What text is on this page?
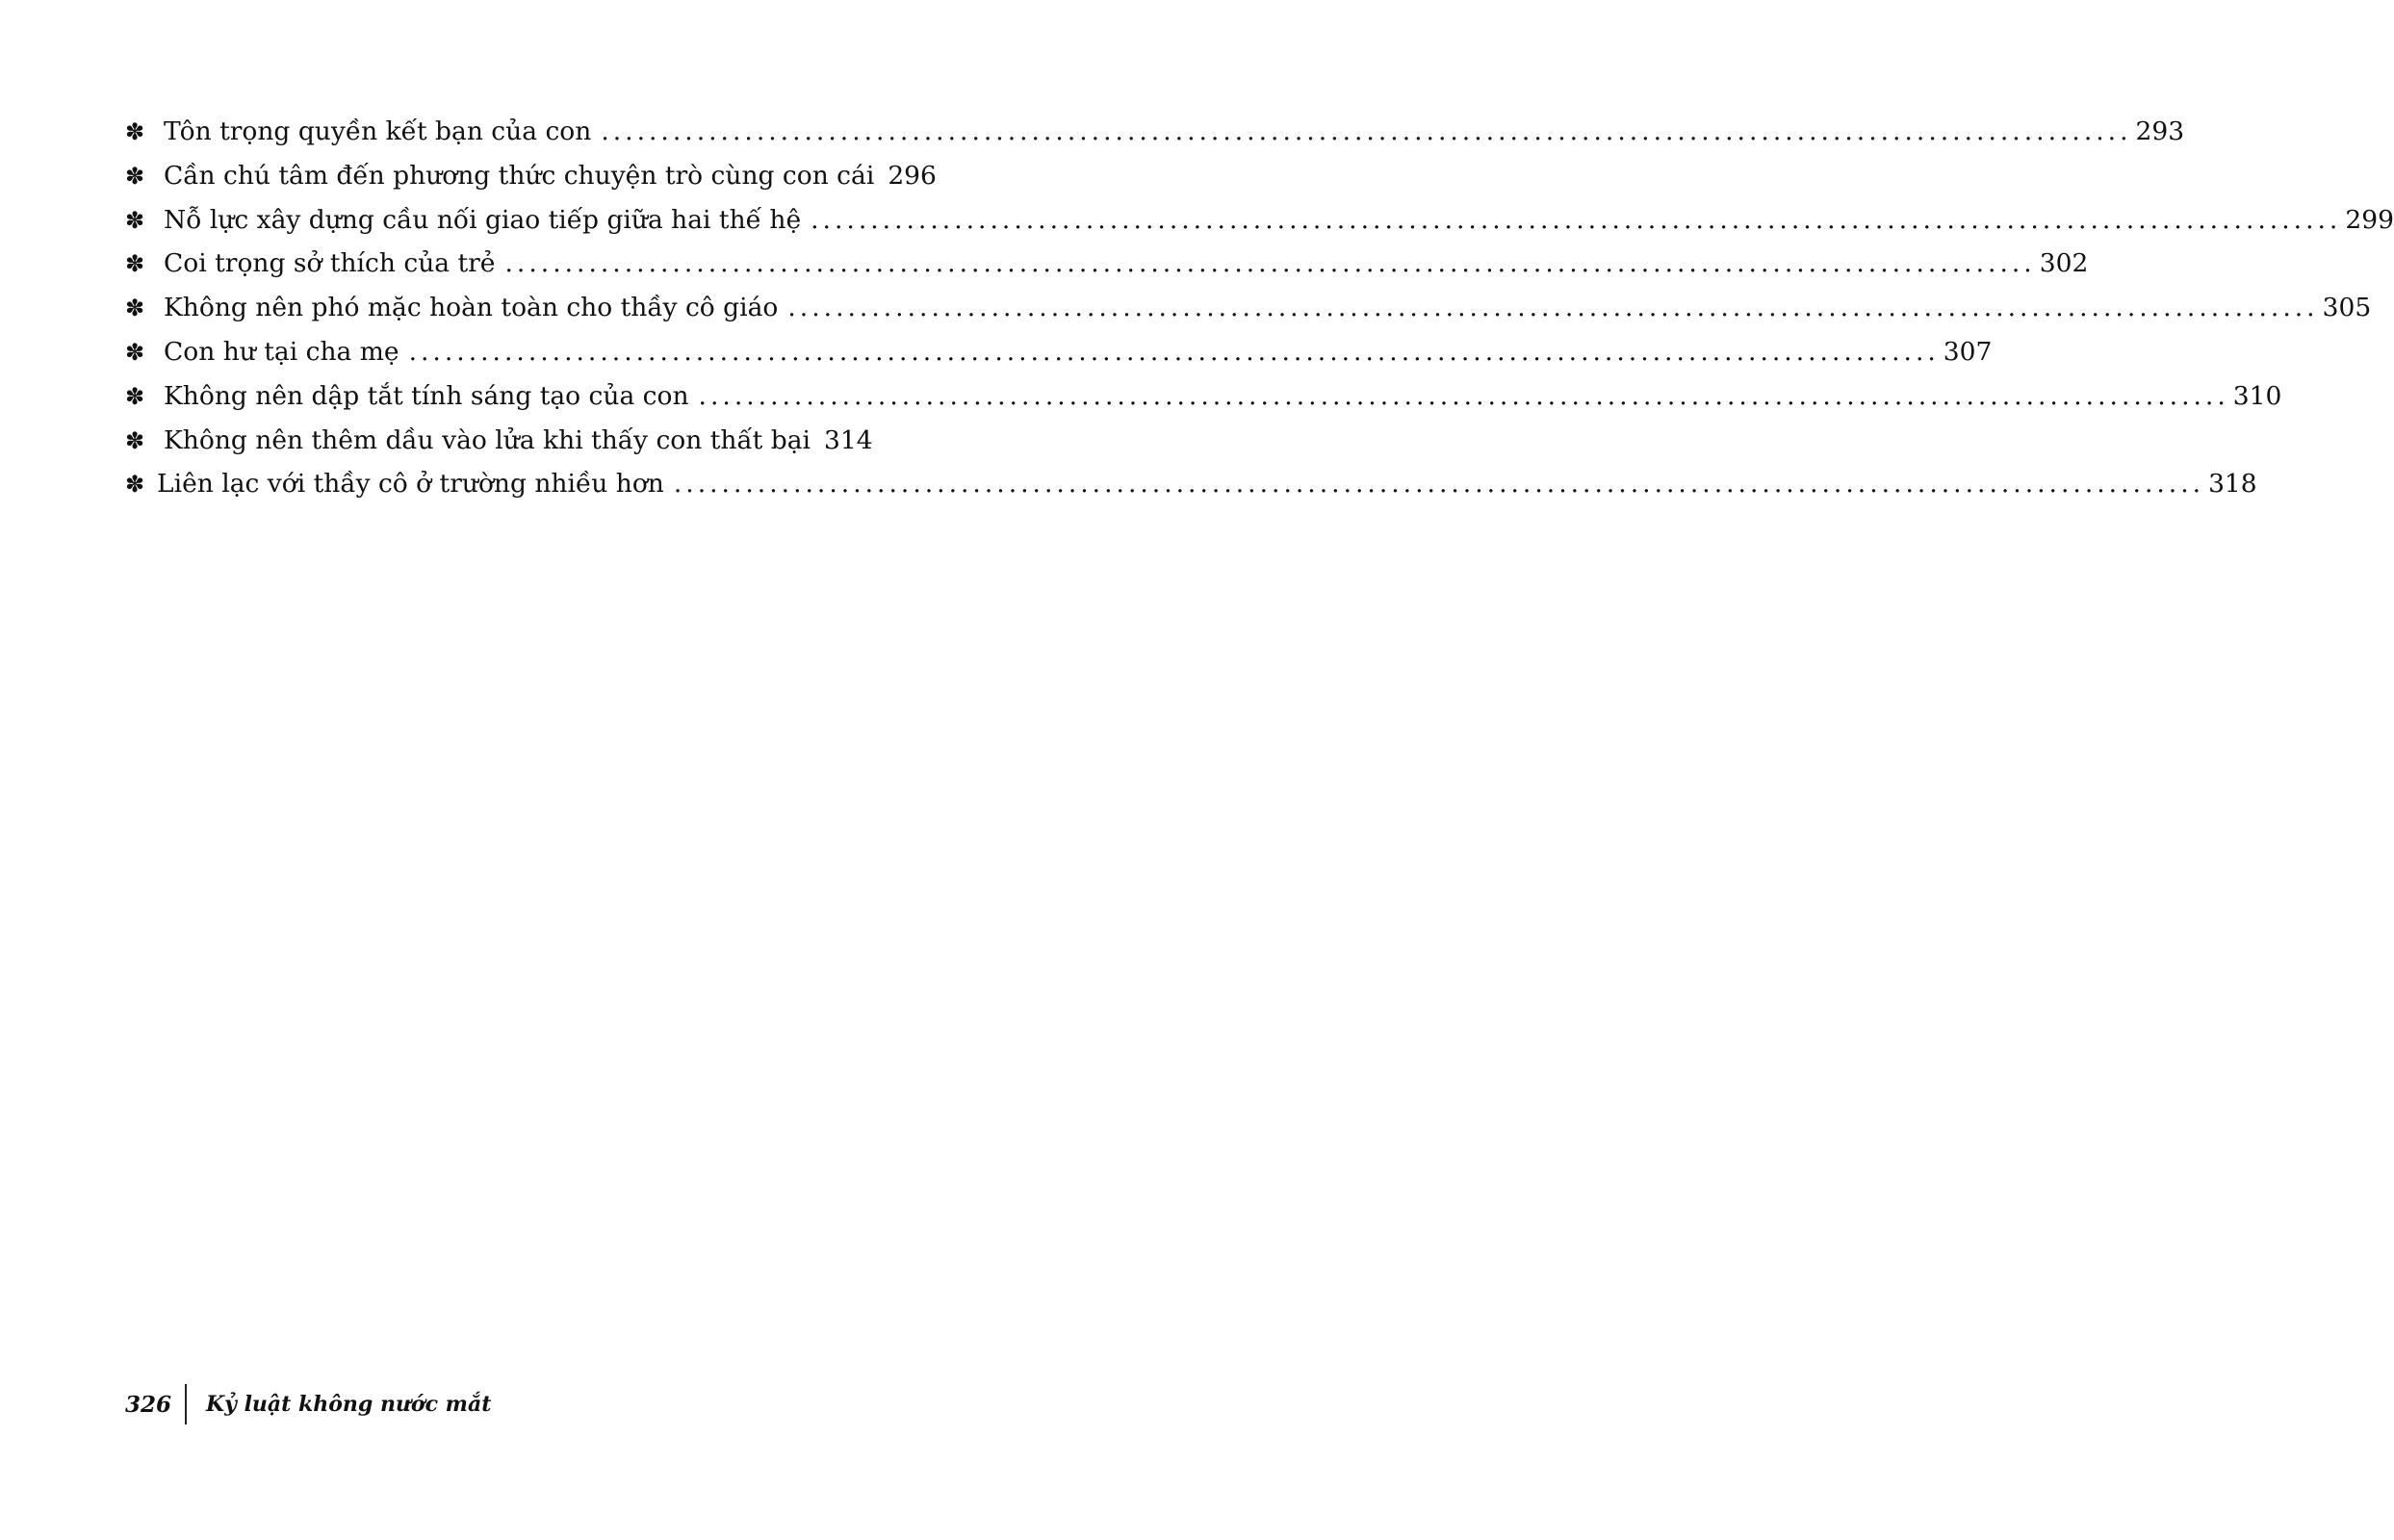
✽ Tôn trọng quyền kết bạn của con ................................................................................................................................ 293
✽ Cần chú tâm đến phương thức chuyện trò cùng con cái 296
✽ Nỗ lực xây dựng cầu nối giao tiếp giữa hai thế hệ ................................................................................................................................ 299
✽ Coi trọng sở thích của trẻ ................................................................................................................................ 302
✽ Không nên phó mặc hoàn toàn cho thầy cô giáo ................................................................................................................................ 305
✽ Con hư tại cha mẹ ................................................................................................................................ 307
✽ Không nên dập tắt tính sáng tạo của con ................................................................................................................................ 310
✽ Không nên thêm dầu vào lửa khi thấy con thất bại 314
✽ Liên lạc với thầy cô ở trường nhiều hơn ................................................................................................................................ 318
326	Kỷ luật không nước mắt
